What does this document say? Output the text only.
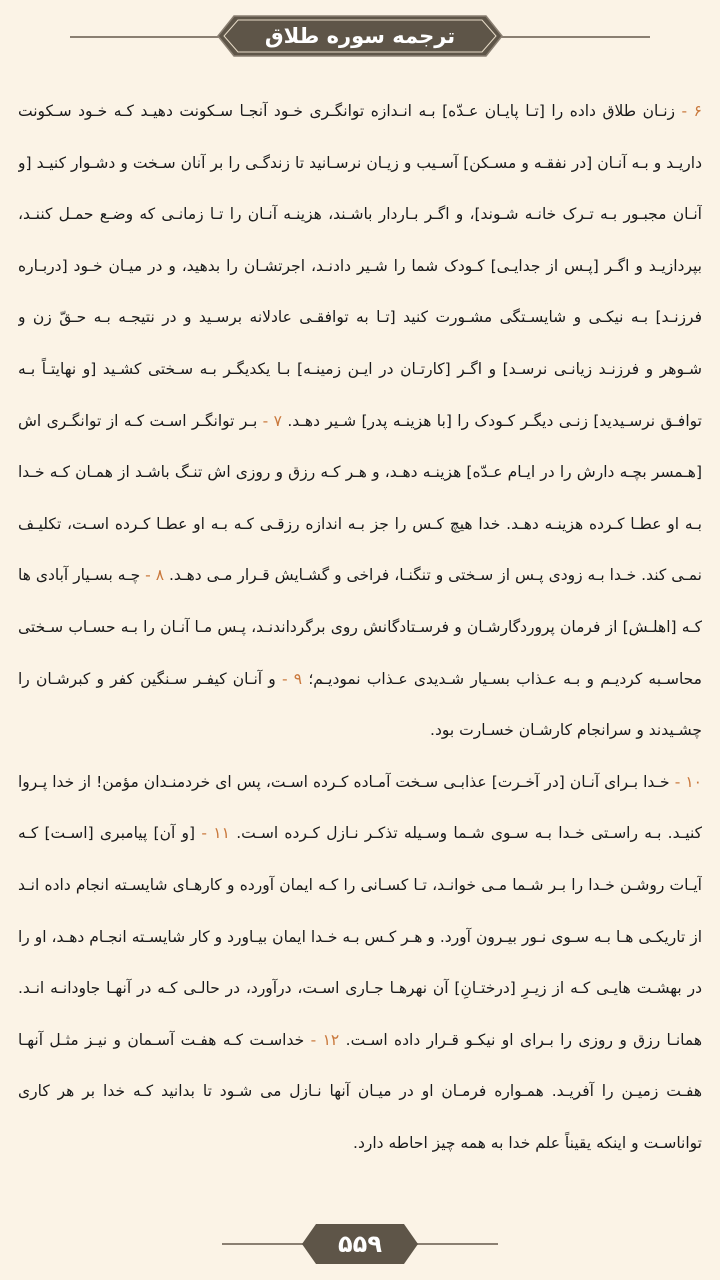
ترجمه سوره طلاق
۶ - زنـان طلاق داده را [تـا پایـان عـدّه] بـه انـدازه توانگـری خـود آنجـا سـکونت دهیـد کـه خـود سـکونت داریـد و بـه آنـان [در نفقـه و مسـکن] آسـیب و زیـان نرسـانید تا زندگـی را بر آنان سـخت و دشـوار کنیـد [و آنـان مجبـور بـه تـرک خانـه شـوند]، و اگـر بـاردار باشـند، هزینـه آنـان را تـا زمانـی که وضـع حمـل کننـد، بپردازیـد و اگـر [پـس از جدایـی] کـودک شما را شـیر دادنـد، اجرتشـان را بدهید، و در میـان خـود [دربـاره فرزنـد] بـه نیکـی و شایسـتگی مشـورت کنید [تـا به توافقـی عادلانه برسـید و در نتیجـه بـه حـقّ زن و شـوهر و فرزنـد زیانـی نرسـد] و اگـر [کارتـان در ایـن زمینـه] بـا یکدیگـر بـه سـختی کشـید [و نهایتـاً بـه توافـق نرسـیدید] زنـی دیگـر کـودک را [با هزینـه پدر] شـیر دهـد. ۷ - بـر توانگـر اسـت کـه از توانگـری اش [هـمسر بچـه دارش را در ایـام عـدّه] هزینـه دهـد، و هـر کـه رزق و روزی اش تنـگ باشـد از همـان کـه خـدا بـه او عطـا کـرده هزینـه دهـد. خدا هیچ کـس را جز بـه اندازه رزقـی کـه بـه او عطـا کـرده اسـت، تکلیـف نمـی کند. خـدا بـه زودی پـس از سـختی و تنگنـا، فراخی و گشـایش قـرار مـی دهـد. ۸ - چـه بسـیار آبادی ها کـه [اهلـش] از فرمان پروردگارشـان و فرسـتادگانش روی برگرداندنـد، پـس مـا آنـان را بـه حسـاب سـختی محاسـبه کردیـم و بـه عـذاب بسـیار شـدیدی عـذاب نمودیـم؛ ۹ - و آنـان کیفـر سـنگین کفر و کبرشـان را چشـیدند و سرانجام کارشـان خسـارت بود.
۱۰ - خـدا بـرای آنـان [در آخـرت] عذابـی سـخت آمـاده کـرده اسـت، پس ای خردمنـدان مؤمن! از خدا پـروا کنیـد. بـه راسـتی خـدا بـه سـوی شـما وسـیله تذکـر نـازل کـرده اسـت. ۱۱ - [و آن] پیامبری [اسـت] کـه آیـات روشـن خـدا را بـر شـما مـی خوانـد، تـا کسـانی را کـه ایمان آورده و کارهـای شایسـته انجام داده انـد از تاریکـی هـا بـه سـوی نـور بیـرون آورد. و هـر کـس بـه خـدا ایمان بیـاورد و کار شایسـته انجـام دهـد، او را در بهشـت هایـی کـه از زیـرِ [درختـانِ] آن نهرهـا جـاری اسـت، درآورد، در حالـی کـه در آنهـا جاودانـه انـد. همانـا رزق و روزی را بـرای او نیکـو قـرار داده اسـت. ۱۲ - خداسـت کـه هفـت آسـمان و نیـز مثـل آنهـا هفـت زمیـن را آفریـد. همـواره فرمـان او در میـان آنها نـازل می شـود تا بدانید کـه خدا بر هر کاری تواناسـت و اینکه یقیناً علم خدا به همه چیز احاطه دارد.
۵۵۹
